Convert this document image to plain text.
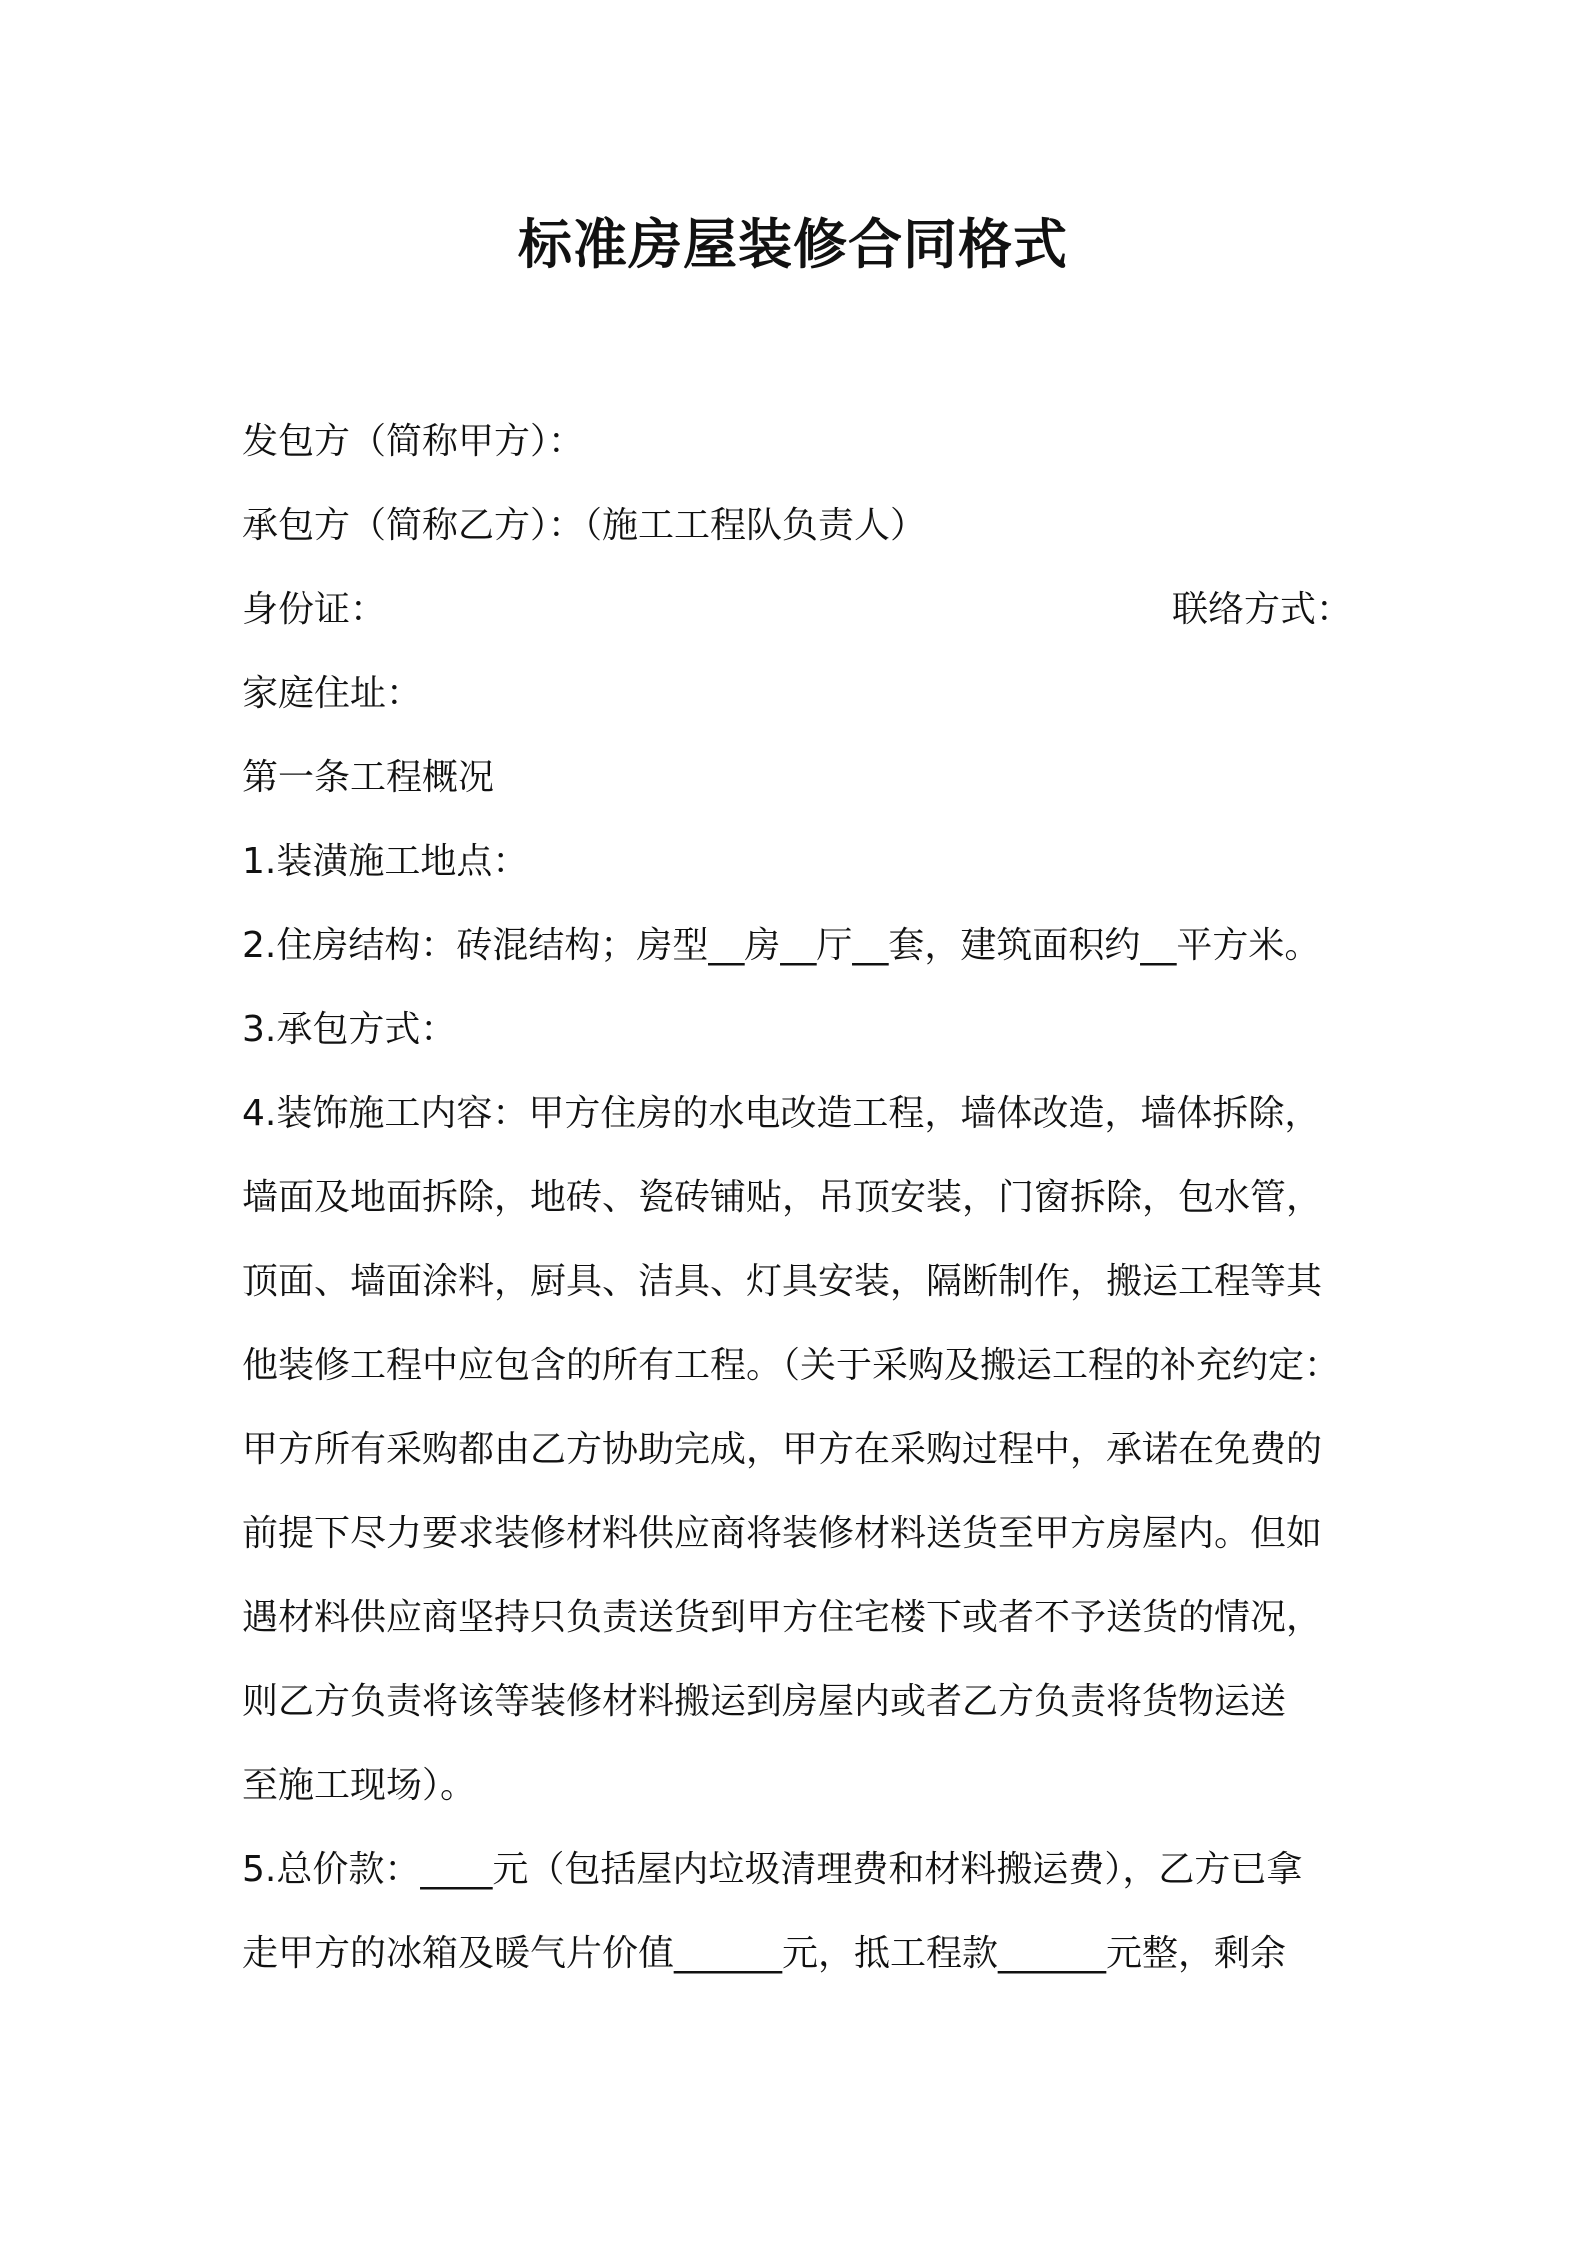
标准房屋装修合同格式
发包方（简称甲方）：
承包方（简称乙方）：（施工工程队负责人）
身份证：	联络方式：
家庭住址：
第一条工程概况
1.装潢施工地点：
2.住房结构：砖混结构；房型__房__厅__套，建筑面积约__平方米。
3.承包方式：
4.装饰施工内容：甲方住房的水电改造工程，墙体改造，墙体拆除，
墙面及地面拆除，地砖、瓷砖铺贴，吊顶安装，门窗拆除，包水管，
顶面、墙面涂料，厨具、洁具、灯具安装，隔断制作，搬运工程等其
他装修工程中应包含的所有工程。（关于采购及搬运工程的补充约定：
甲方所有采购都由乙方协助完成，甲方在采购过程中，承诺在免费的
前提下尽力要求装修材料供应商将装修材料送货至甲方房屋内。但如
遇材料供应商坚持只负责送货到甲方住宅楼下或者不予送货的情况，
则乙方负责将该等装修材料搬运到房屋内或者乙方负责将货物运送
至施工现场）。
5.总价款：____元（包括屋内垃圾清理费和材料搬运费），乙方已拿
走甲方的冰箱及暖气片价值______元，抵工程款______元整，剩余
